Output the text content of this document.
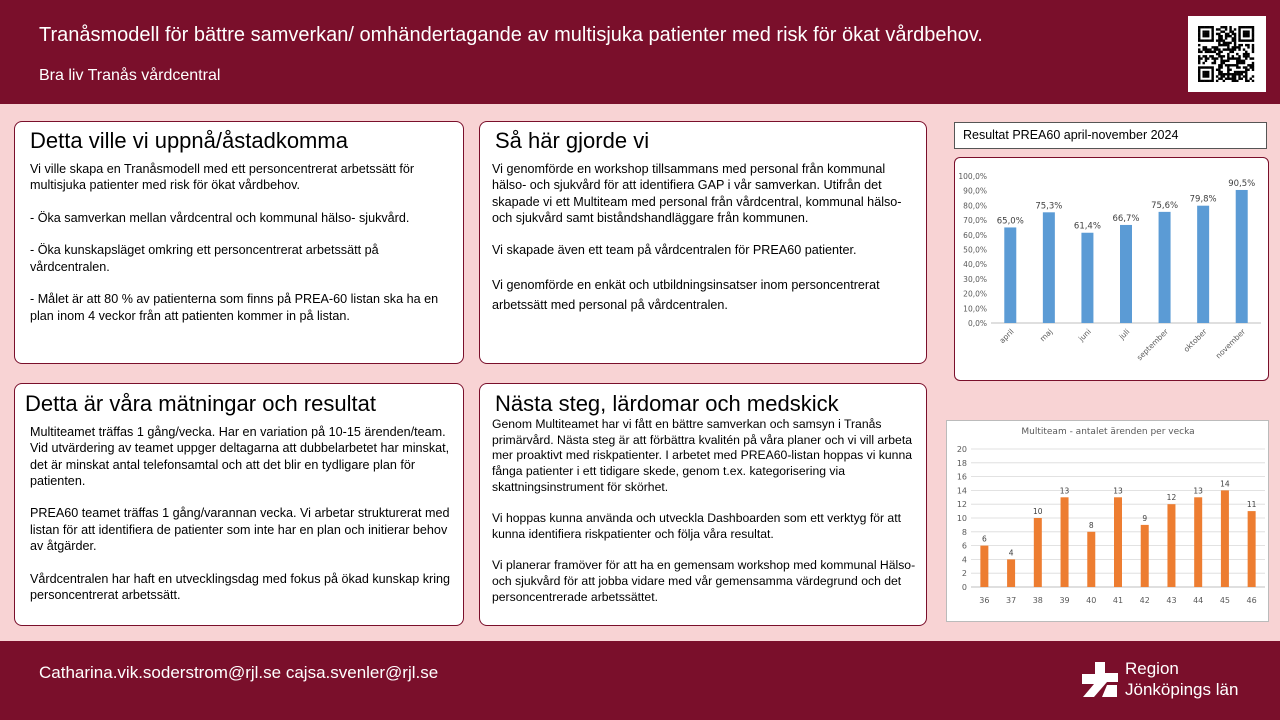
Tranåsmodell för bättre samverkan/ omhändertagande av multisjuka patienter med risk för ökat vårdbehov.
Bra liv Tranås vårdcentral
Detta ville vi uppnå/åstadkomma

Vi ville skapa en Tranåsmodell med ett personcentrerat arbetssätt för multisjuka patienter med risk för ökat vårdbehov.

- Öka samverkan mellan vårdcentral och kommunal hälso- sjukvård.

- Öka kunskapsläget omkring ett personcentrerat arbetssätt på vårdcentralen.

- Målet är att 80 % av patienterna som finns på PREA-60 listan ska ha en plan inom 4 veckor från att patienten kommer in på listan.

Så här gjorde vi

Vi genomförde en workshop tillsammans med personal från kommunal hälso- och sjukvård för att identifiera GAP i vår samverkan. Utifrån det skapade vi ett Multiteam med personal från vårdcentral, kommunal hälso- och sjukvård samt biståndshandläggare från kommunen.

Vi skapade även ett team på vårdcentralen för PREA60 patienter.

Vi genomförde en enkät och utbildningsinsatser inom personcentrerat arbetssätt med personal på vårdcentralen.

Detta är våra mätningar och resultat

Multiteamet träffas 1 gång/vecka. Har en variation på 10-15 ärenden/team. Vid utvärdering av teamet uppger deltagarna att dubbelarbetet har minskat, det är minskat antal telefonsamtal och att det blir en tydligare plan för patienten.

PREA60 teamet träffas 1 gång/varannan vecka. Vi arbetar strukturerat med listan för att identifiera de patienter som inte har en plan och initierar behov av åtgärder.

Vårdcentralen har haft en utvecklingsdag med fokus på ökad kunskap kring personcentrerat arbetssätt.

Nästa steg, lärdomar och medskick

Genom Multiteamet har vi fått en bättre samverkan och samsyn i Tranås primärvård. Nästa steg är att förbättra kvalitén på våra planer och vi vill arbeta mer proaktivt med riskpatienter. I arbetet med PREA60-listan hoppas vi kunna fånga patienter i ett tidigare skede, genom t.ex. kategorisering via skattningsinstrument för skörhet.

Vi hoppas kunna använda och utveckla Dashboarden som ett verktyg för att kunna identifiera riskpatienter och följa våra resultat.

Vi planerar framöver för att ha en gemensam workshop med kommunal Hälso- och sjukvård för att jobba vidare med vår gemensamma värdegrund och det personcentrerade arbetssättet.

Resultat PREA60 april-november 2024
0,0%
10,0%
20,0%
30,0%
40,0%
50,0%
60,0%
70,0%
80,0%
90,0%
100,0%
65,0%
april
75,3%
maj
61,4%
juni
66,7%
juli
75,6%
september
79,8%
oktober
90,5%
november
Multiteam - antalet ärenden per vecka
0
2
4
6
8
10
12
14
16
18
20
6
36
4
37
10
38
13
39
8
40
13
41
9
42
12
43
13
44
14
45
11
46
Catharina.vik.soderstrom@rjl.se cajsa.svenler@rjl.se	Region
Jönköpings län
